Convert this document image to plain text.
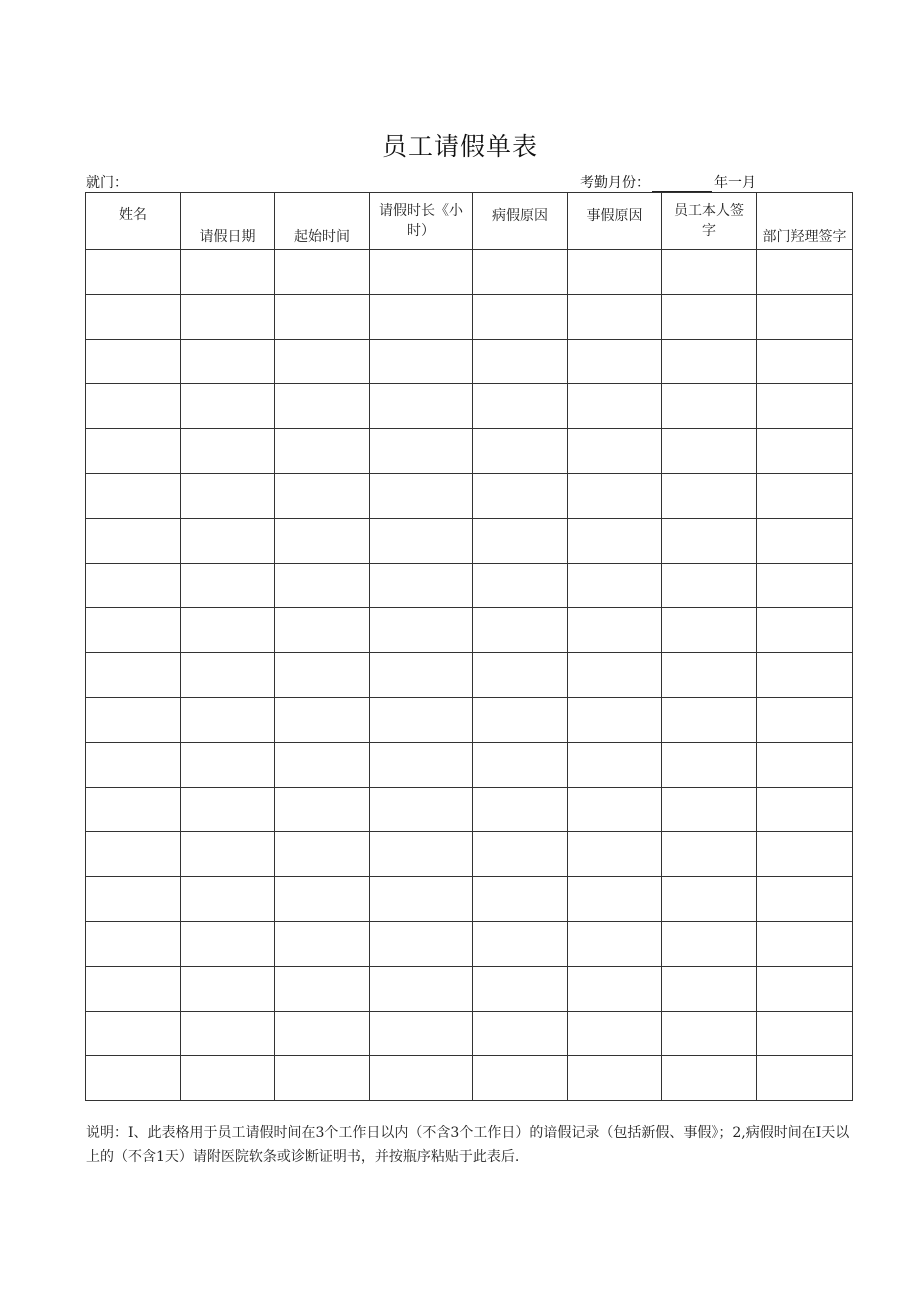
员工请假单表
就门：	考勤月份：	年一月
姓名	请假日期	起始时间	请假时长《小时）	病假原因	事假原因	员工本人签字	部门羟理签字

说明：I、此表格用于员工请假时间在3个工作日以内（不含3个工作日）的谙假记录（包括新假、事假》；2,病假时间在I天以上的（不含1天）请附医院软条或诊断证明书，并按瓶序粘贴于此表后.
